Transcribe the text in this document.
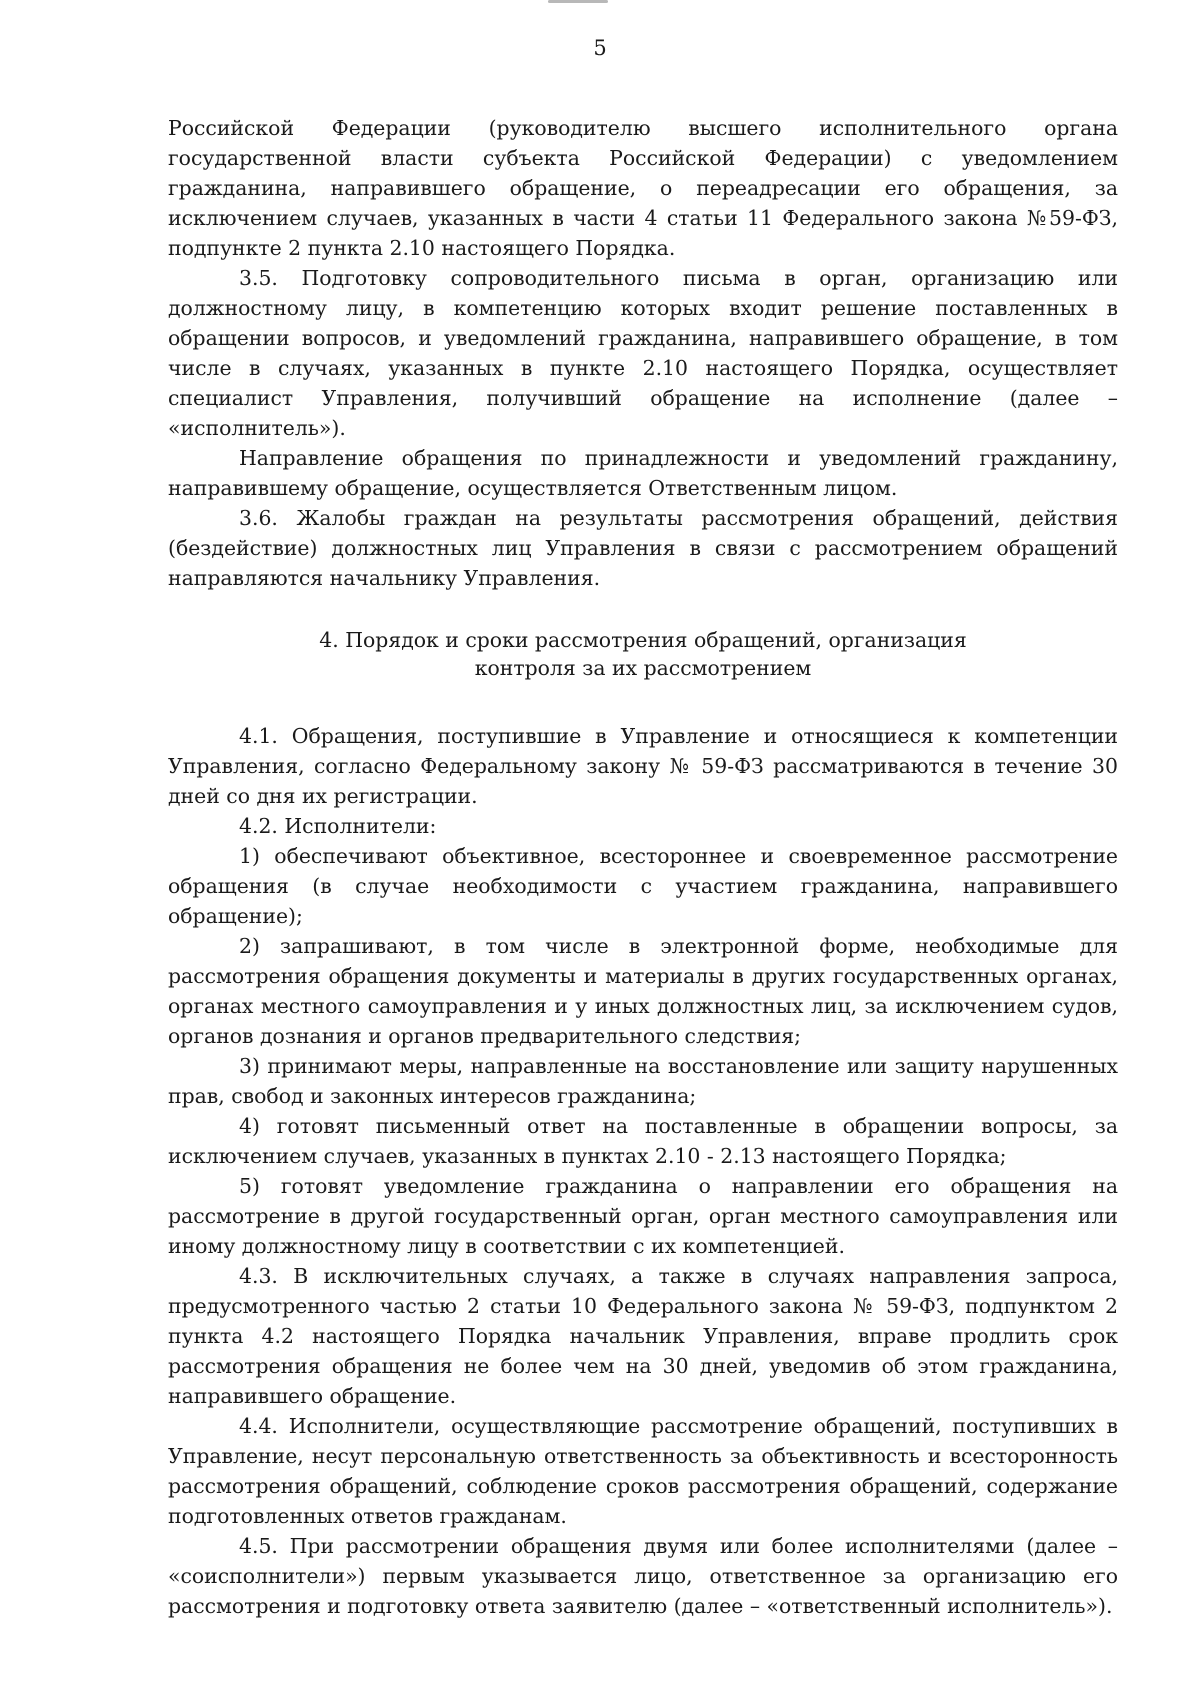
5

Российской Федерации (руководителю высшего исполнительного органа государственной власти субъекта Российской Федерации) с уведомлением гражданина, направившего обращение, о переадресации его обращения, за исключением случаев, указанных в части 4 статьи 11 Федерального закона №59-ФЗ, подпункте 2 пункта 2.10 настоящего Порядка.

3.5. Подготовку сопроводительного письма в орган, организацию или должностному лицу, в компетенцию которых входит решение поставленных в обращении вопросов, и уведомлений гражданина, направившего обращение, в том числе в случаях, указанных в пункте 2.10 настоящего Порядка, осуществляет специалист Управления, получивший обращение на исполнение (далее – «исполнитель»).

Направление обращения по принадлежности и уведомлений гражданину, направившему обращение, осуществляется Ответственным лицом.

3.6. Жалобы граждан на результаты рассмотрения обращений, действия (бездействие) должностных лиц Управления в связи с рассмотрением обращений направляются начальнику Управления.

4. Порядок и сроки рассмотрения обращений, организация
контроля за их рассмотрением

4.1. Обращения, поступившие в Управление и относящиеся к компетенции Управления, согласно Федеральному закону № 59-ФЗ рассматриваются в течение 30 дней со дня их регистрации.

4.2. Исполнители:

1) обеспечивают объективное, всестороннее и своевременное рассмотрение обращения (в случае необходимости с участием гражданина, направившего обращение);

2) запрашивают, в том числе в электронной форме, необходимые для рассмотрения обращения документы и материалы в других государственных органах, органах местного самоуправления и у иных должностных лиц, за исключением судов, органов дознания и органов предварительного следствия;

3) принимают меры, направленные на восстановление или защиту нарушенных прав, свобод и законных интересов гражданина;

4) готовят письменный ответ на поставленные в обращении вопросы, за исключением случаев, указанных в пунктах 2.10 - 2.13 настоящего Порядка;

5) готовят уведомление гражданина о направлении его обращения на рассмотрение в другой государственный орган, орган местного самоуправления или иному должностному лицу в соответствии с их компетенцией.

4.3. В исключительных случаях, а также в случаях направления запроса, предусмотренного частью 2 статьи 10 Федерального закона № 59-ФЗ, подпунктом 2 пункта 4.2 настоящего Порядка начальник Управления, вправе продлить срок рассмотрения обращения не более чем на 30 дней, уведомив об этом гражданина, направившего обращение.

4.4. Исполнители, осуществляющие рассмотрение обращений, поступивших в Управление, несут персональную ответственность за объективность и всесторонность рассмотрения обращений, соблюдение сроков рассмотрения обращений, содержание подготовленных ответов гражданам.

4.5. При рассмотрении обращения двумя или более исполнителями (далее – «соисполнители») первым указывается лицо, ответственное за организацию его рассмотрения и подготовку ответа заявителю (далее – «ответственный исполнитель»).
